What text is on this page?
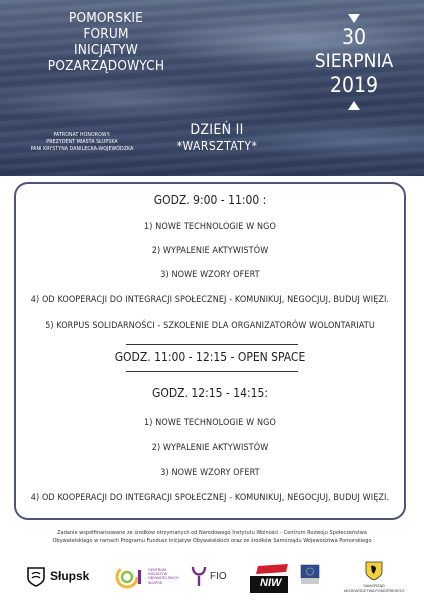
POMORSKIE
FORUM
INICJATYW
POZARZĄDOWYCH
PATRONAT HONOROWY:
PREZYDENT MIASTA SŁUPSKA
PANI KRYSTYNA DANILECKA-WOJEWÓDZKA
DZIEŃ II
*WARSZTATY*
30
SIERPNIA
2019
GODZ. 9:00 - 11:00 :
1) NOWE TECHNOLOGIE W NGO
2) WYPALENIE AKTYWISTÓW
3) NOWE WZORY OFERT
4) OD KOOPERACJI DO INTEGRACJI SPOŁECZNEJ - KOMUNIKUJ, NEGOCJUJ, BUDUJ WIĘZI.
5) KORPUS SOLIDARNOŚCI - SZKOLENIE DLA ORGANIZATORÓW WOLONTARIATU
GODZ. 11:00 - 12:15 - OPEN SPACE
GODZ. 12:15 - 14:15:
1) NOWE TECHNOLOGIE W NGO
2) WYPALENIE AKTYWISTÓW
3) NOWE WZORY OFERT
4) OD KOOPERACJI DO INTEGRACJI SPOŁECZNEJ - KOMUNIKUJ, NEGOCJUJ, BUDUJ WIĘZI.
Zadanie współfinansowane ze środków otrzymanych od Narodowego Instytutu Wolności - Centrum Rozwoju Społeczeństwa
Obywatelskiego w ramach Programu Fundusz Inicjatyw Obywatelskich oraz ze środków Samorządu Województwa Pomorskiego
Słupsk	CENTRUM
INICJATYW
OBYWATELSKICH
SŁUPSK
FIO
NIW	SAMORZĄD
WOJEWÓDZTWA POMORSKIEGO
